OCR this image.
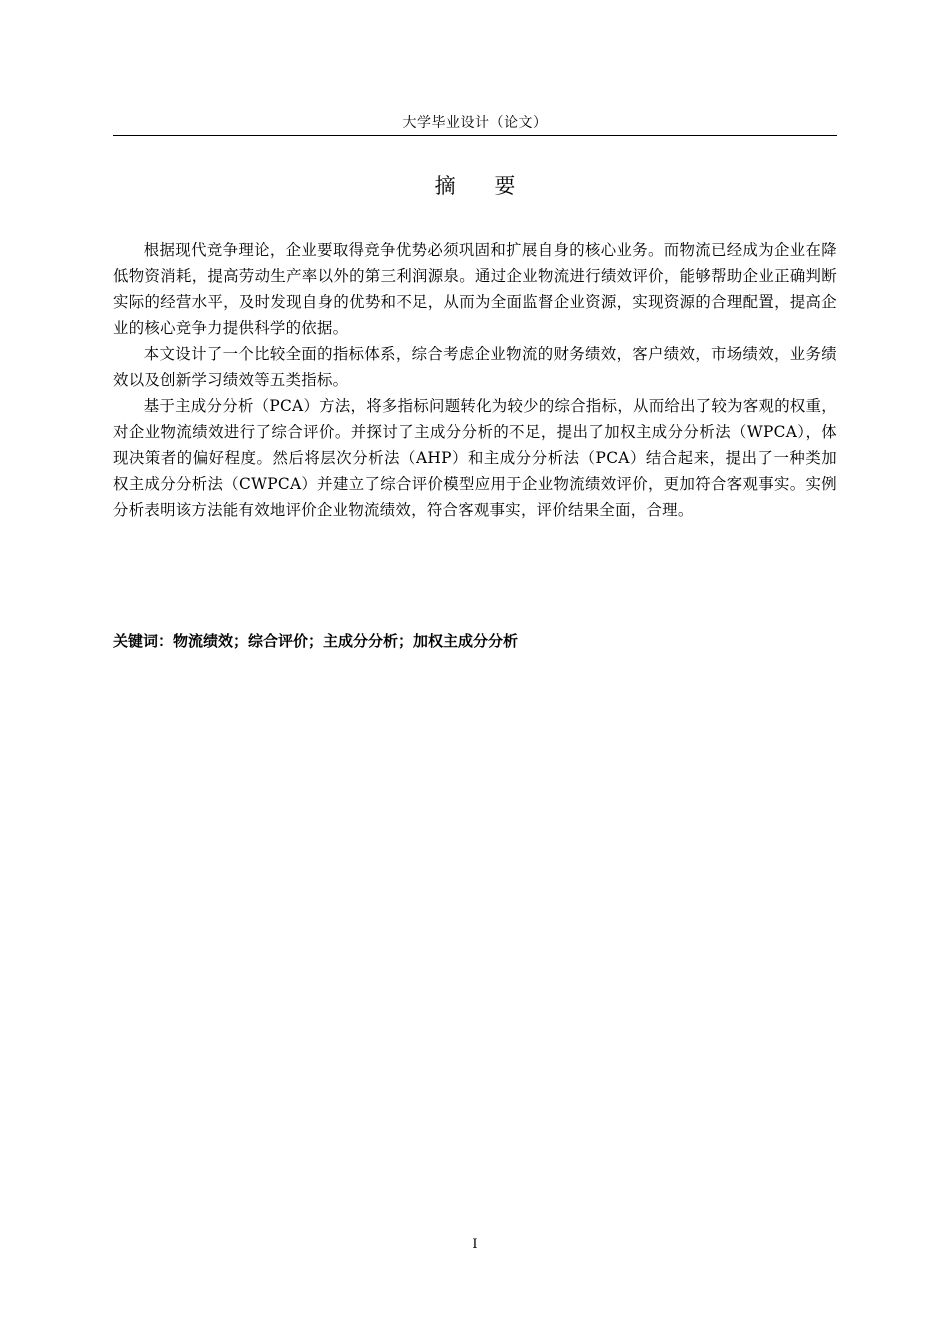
大学毕业设计（论文）
摘 要

根据现代竞争理论，企业要取得竞争优势必须巩固和扩展自身的核心业务。而物流已经成为企业在降低物资消耗，提高劳动生产率以外的第三利润源泉。通过企业物流进行绩效评价，能够帮助企业正确判断实际的经营水平，及时发现自身的优势和不足，从而为全面监督企业资源，实现资源的合理配置，提高企业的核心竞争力提供科学的依据。

本文设计了一个比较全面的指标体系，综合考虑企业物流的财务绩效，客户绩效，市场绩效，业务绩效以及创新学习绩效等五类指标。

基于主成分分析（PCA）方法，将多指标问题转化为较少的综合指标，从而给出了较为客观的权重，对企业物流绩效进行了综合评价。并探讨了主成分分析的不足，提出了加权主成分分析法（WPCA），体现决策者的偏好程度。然后将层次分析法（AHP）和主成分分析法（PCA）结合起来，提出了一种类加权主成分分析法（CWPCA）并建立了综合评价模型应用于企业物流绩效评价，更加符合客观事实。实例分析表明该方法能有效地评价企业物流绩效，符合客观事实，评价结果全面，合理。

关键词：物流绩效；综合评价；主成分分析；加权主成分分析
I
